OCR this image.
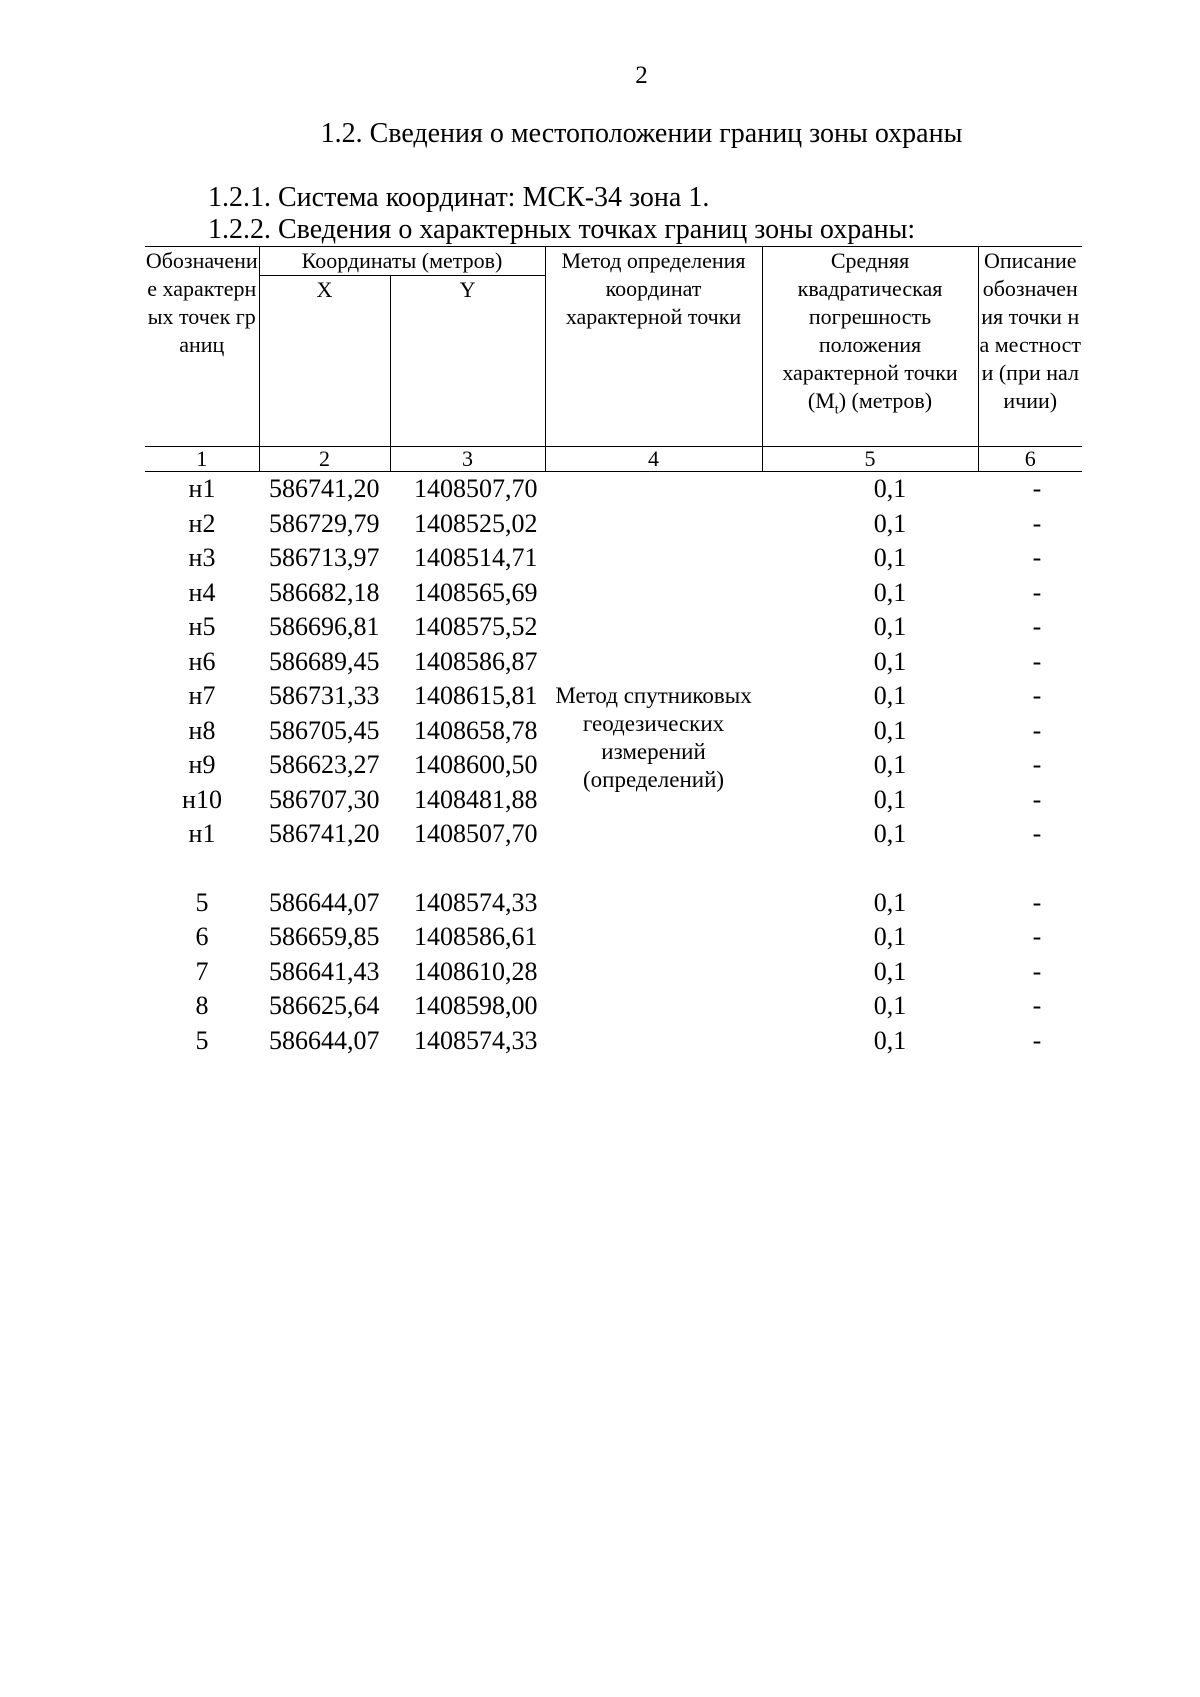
2
1.2. Сведения о местоположении границ зоны охраны
1.2.1. Система координат: МСК-34 зона 1.
1.2.2. Сведения о характерных точках границ зоны охраны:
Обозначение характерных точек границ	Координаты (метров)		Метод определения координат характерной точки	Средняя квадратическая погрешность положения характерной точки $(M_t)$ (метров)	Описание обозначения точки на местности (при наличии)
	X	Y			
1	2	3	4	5	6
н1	586741,20	1408507,70	Метод спутниковых геодезических измерений (определений)	0,1	-
н2	586729,79	1408525,02		0,1	-
н3	586713,97	1408514,71		0,1	-
н4	586682,18	1408565,69		0,1	-
н5	586696,81	1408575,52		0,1	-
н6	586689,45	1408586,87		0,1	-
н7	586731,33	1408615,81		0,1	-
н8	586705,45	1408658,78		0,1	-
н9	586623,27	1408600,50		0,1	-
н10	586707,30	1408481,88		0,1	-
н1	586741,20	1408507,70		0,1	-

5	586644,07	1408574,33		0,1	-
6	586659,85	1408586,61		0,1	-
7	586641,43	1408610,28		0,1	-
8	586625,64	1408598,00		0,1	-
5	586644,07	1408574,33		0,1	-
